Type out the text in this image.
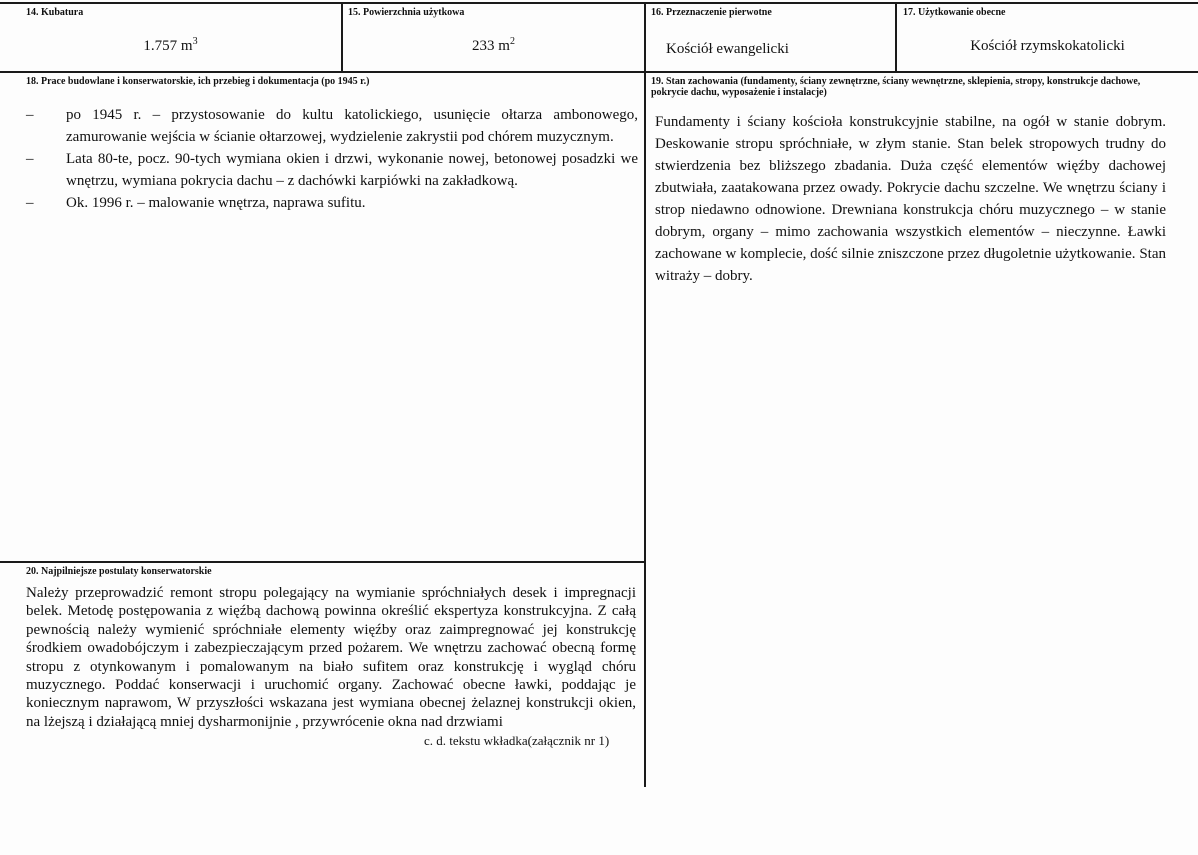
14. Kubatura
1.757 $m^3$
15. Powierzchnia użytkowa
233 $m^2$
16. Przeznaczenie pierwotne
Kościół ewangelicki
17. Użytkowanie obecne
Kościół rzymskokatolicki
18. Prace budowlane i konserwatorskie, ich przebieg i dokumentacja (po 1945 r.)
– po 1945 r. – przystosowanie do kultu katolickiego, usunięcie ołtarza ambonowego, zamurowanie wejścia w ścianie ołtarzowej, wydzielenie zakrystii pod chórem muzycznym.
– Lata 80-te, pocz. 90-tych wymiana okien i drzwi, wykonanie nowej, betonowej posadzki we wnętrzu, wymiana pokrycia dachu – z dachówki karpiówki na zakładkową.
– Ok. 1996 r. – malowanie wnętrza, naprawa sufitu.
19. Stan zachowania (fundamenty, ściany zewnętrzne, ściany wewnętrzne, sklepienia, stropy, konstrukcje dachowe, pokrycie dachu, wyposażenie i instalacje)
Fundamenty i ściany kościoła konstrukcyjnie stabilne, na ogół w stanie dobrym. Deskowanie stropu spróchniałe, w złym stanie. Stan belek stropowych trudny do stwierdzenia bez bliższego zbadania. Duża część elementów więźby dachowej zbutwiała, zaatakowana przez owady. Pokrycie dachu szczelne. We wnętrzu ściany i strop niedawno odnowione. Drewniana konstrukcja chóru muzycznego – w stanie dobrym, organy – mimo zachowania wszystkich elementów – nieczynne. Ławki zachowane w komplecie, dość silnie zniszczone przez długoletnie użytkowanie. Stan witraży – dobry.
20. Najpilniejsze postulaty konserwatorskie
Należy przeprowadzić remont stropu polegający na wymianie spróchniałych desek i impregnacji belek. Metodę postępowania z więźbą dachową powinna określić ekspertyza konstrukcyjna. Z całą pewnością należy wymienić spróchniałe elementy więźby oraz zaimpregnować jej konstrukcję środkiem owadobójczym i zabezpieczającym przed pożarem. We wnętrzu zachować obecną formę stropu z otynkowanym i pomalowanym na biało sufitem oraz konstrukcję i wygląd chóru muzycznego. Poddać konserwacji i uruchomić organy. Zachować obecne ławki, poddając je koniecznym naprawom, W przyszłości wskazana jest wymiana obecnej żelaznej konstrukcji okien, na lżejszą i działającą mniej dysharmonijnie , przywrócenie okna nad drzwiami
c. d. tekstu wkładka(załącznik nr 1)
